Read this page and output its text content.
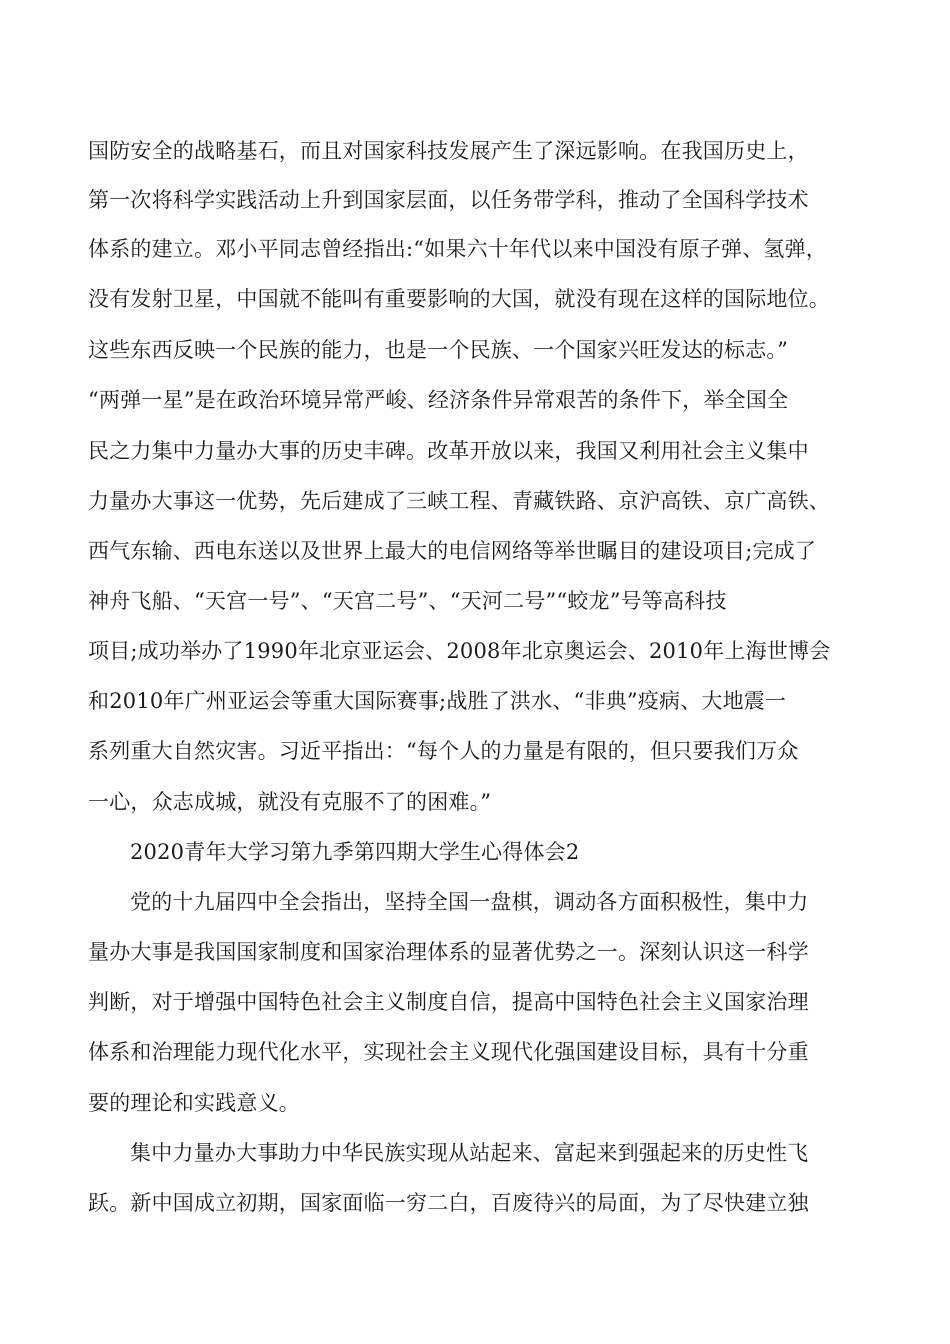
国防安全的战略基石，而且对国家科技发展产生了深远影响。在我国历史上，
第一次将科学实践活动上升到国家层面，以任务带学科，推动了全国科学技术
体系的建立。邓小平同志曾经指出:“如果六十年代以来中国没有原子弹、氢弹，
没有发射卫星，中国就不能叫有重要影响的大国，就没有现在这样的国际地位。
这些东西反映一个民族的能力，也是一个民族、一个国家兴旺发达的标志。”
“两弹一星”是在政治环境异常严峻、经济条件异常艰苦的条件下，举全国全
民之力集中力量办大事的历史丰碑。改革开放以来，我国又利用社会主义集中
力量办大事这一优势，先后建成了三峡工程、青藏铁路、京沪高铁、京广高铁、
西气东输、西电东送以及世界上最大的电信网络等举世瞩目的建设项目;完成了
神舟飞船、“天宫一号”、“天宫二号”、“天河二号”“蛟龙”号等高科技
项目;成功举办了1990年北京亚运会、2008年北京奥运会、2010年上海世博会
和2010年广州亚运会等重大国际赛事;战胜了洪水、“非典”疫病、大地震一
系列重大自然灾害。习近平指出：“每个人的力量是有限的，但只要我们万众
一心，众志成城，就没有克服不了的困难。”
2020青年大学习第九季第四期大学生心得体会2
党的十九届四中全会指出，坚持全国一盘棋，调动各方面积极性，集中力
量办大事是我国国家制度和国家治理体系的显著优势之一。深刻认识这一科学
判断，对于增强中国特色社会主义制度自信，提高中国特色社会主义国家治理
体系和治理能力现代化水平，实现社会主义现代化强国建设目标，具有十分重
要的理论和实践意义。
集中力量办大事助力中华民族实现从站起来、富起来到强起来的历史性飞
跃。新中国成立初期，国家面临一穷二白，百废待兴的局面，为了尽快建立独
